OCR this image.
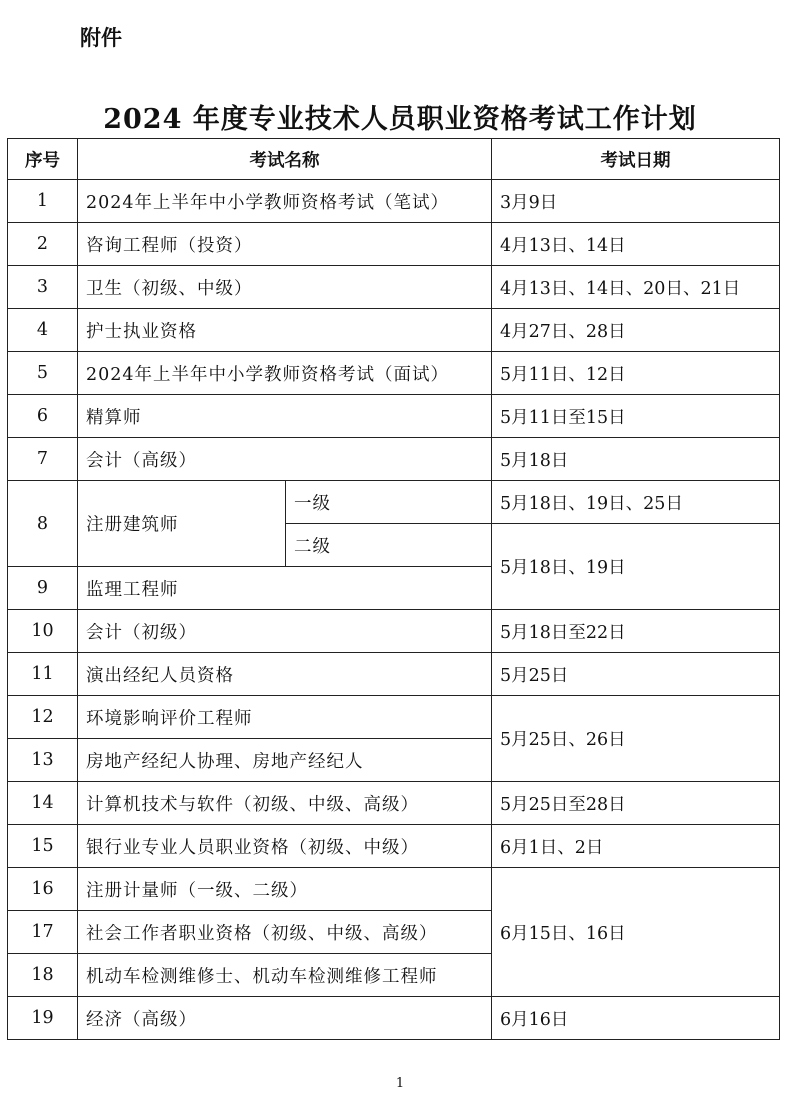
附件
2024 年度专业技术人员职业资格考试工作计划
序号	考试名称		考试日期
1	2024年上半年中小学教师资格考试（笔试）		3月9日
2	咨询工程师（投资）		4月13日、14日
3	卫生（初级、中级）		4月13日、14日、20日、21日
4	护士执业资格		4月27日、28日
5	2024年上半年中小学教师资格考试（面试）		5月11日、12日
6	精算师		5月11日至15日
7	会计（高级）		5月18日
8	注册建筑师	一级	5月18日、19日、25日
		二级	5月18日、19日
9	监理工程师		
10	会计（初级）		5月18日至22日
11	演出经纪人员资格		5月25日
12	环境影响评价工程师		5月25日、26日
13	房地产经纪人协理、房地产经纪人		
14	计算机技术与软件（初级、中级、高级）		5月25日至28日
15	银行业专业人员职业资格（初级、中级）		6月1日、2日
16	注册计量师（一级、二级）		6月15日、16日
17	社会工作者职业资格（初级、中级、高级）		
18	机动车检测维修士、机动车检测维修工程师		
19	经济（高级）		6月16日
1
